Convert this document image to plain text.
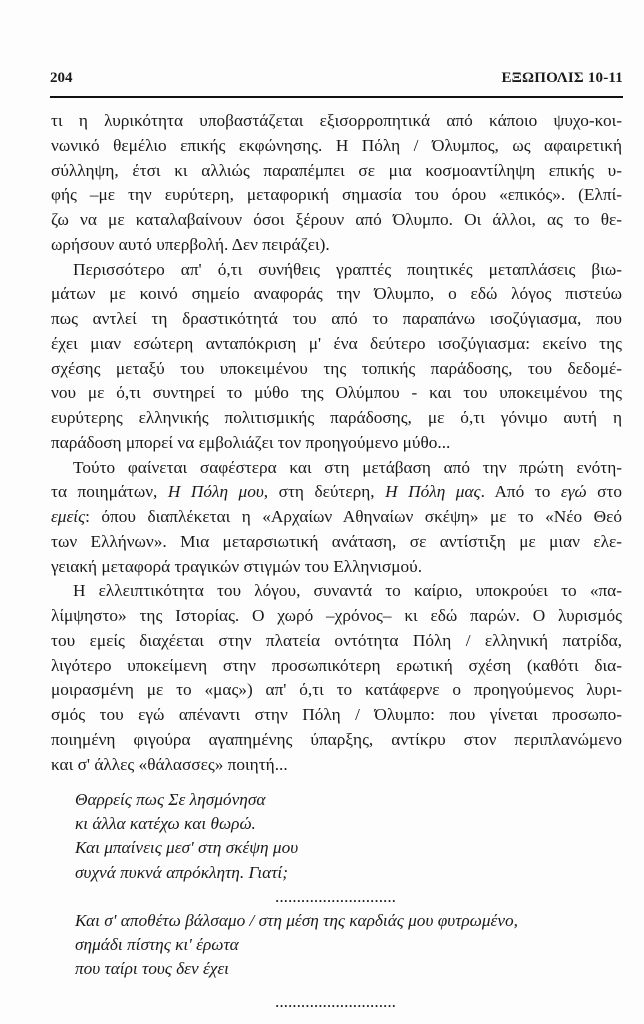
204	ΕΞΩΠΟΛΙΣ 10-11
τι η λυρικότητα υποβαστάζεται εξισορροπητικά από κάποιο ψυχο-κοι-
νωνικό θεμέλιο επικής εκφώνησης. Η Πόλη / Όλυμπος, ως αφαιρετική
σύλληψη, έτσι κι αλλιώς παραπέμπει σε μια κοσμοαντίληψη επικής υ-
φής –με την ευρύτερη, μεταφορική σημασία του όρου «επικός». (Ελπί-
ζω να με καταλαβαίνουν όσοι ξέρουν από Όλυμπο. Οι άλλοι, ας το θε-
ωρήσουν αυτό υπερβολή. Δεν πειράζει).
Περισσότερο απ' ό,τι συνήθεις γραπτές ποιητικές μεταπλάσεις βιω-
μάτων με κοινό σημείο αναφοράς την Όλυμπο, ο εδώ λόγος πιστεύω
πως αντλεί τη δραστικότητά του από το παραπάνω ισοζύγιασμα, που
έχει μιαν εσώτερη ανταπόκριση μ' ένα δεύτερο ισοζύγιασμα: εκείνο της
σχέσης μεταξύ του υποκειμένου της τοπικής παράδοσης, του δεδομέ-
νου με ό,τι συντηρεί το μύθο της Ολύμπου - και του υποκειμένου της
ευρύτερης ελληνικής πολιτισμικής παράδοσης, με ό,τι γόνιμο αυτή η
παράδοση μπορεί να εμβολιάζει τον προηγούμενο μύθο...
Τούτο φαίνεται σαφέστερα και στη μετάβαση από την πρώτη ενότη-
τα ποιημάτων, Η Πόλη μου, στη δεύτερη, Η Πόλη μας. Από το εγώ στο
εμείς: όπου διαπλέκεται η «Αρχαίων Αθηναίων σκέψη» με το «Νέο Θεό
των Ελλήνων». Μια μεταρσιωτική ανάταση, σε αντίστιξη με μιαν ελε-
γειακή μεταφορά τραγικών στιγμών του Ελληνισμού.
Η ελλειπτικότητα του λόγου, συναντά το καίριο, υποκρούει το «πα-
λίμψηστο» της Ιστορίας. Ο χωρό –χρόνος– κι εδώ παρών. Ο λυρισμός
του εμείς διαχέεται στην πλατεία οντότητα Πόλη / ελληνική πατρίδα,
λιγότερο υποκείμενη στην προσωπικότερη ερωτική σχέση (καθότι δια-
μοιρασμένη με το «μας») απ' ό,τι το κατάφερνε ο προηγούμενος λυρι-
σμός του εγώ απέναντι στην Πόλη / Όλυμπο: που γίνεται προσωπο-
ποιημένη φιγούρα αγαπημένης ύπαρξης, αντίκρυ στον περιπλανώμενο
και σ' άλλες «θάλασσες» ποιητή...
Θαρρείς πως Σε λησμόνησα
κι άλλα κατέχω και θωρώ.
Και μπαίνεις μεσ' στη σκέψη μου
συχνά πυκνά απρόκλητη. Γιατί;
............................
Και σ' αποθέτω βάλσαμο / στη μέση της καρδιάς μου φυτρωμένο,
σημάδι πίστης κι' έρωτα
που ταίρι τους δεν έχει
............................
